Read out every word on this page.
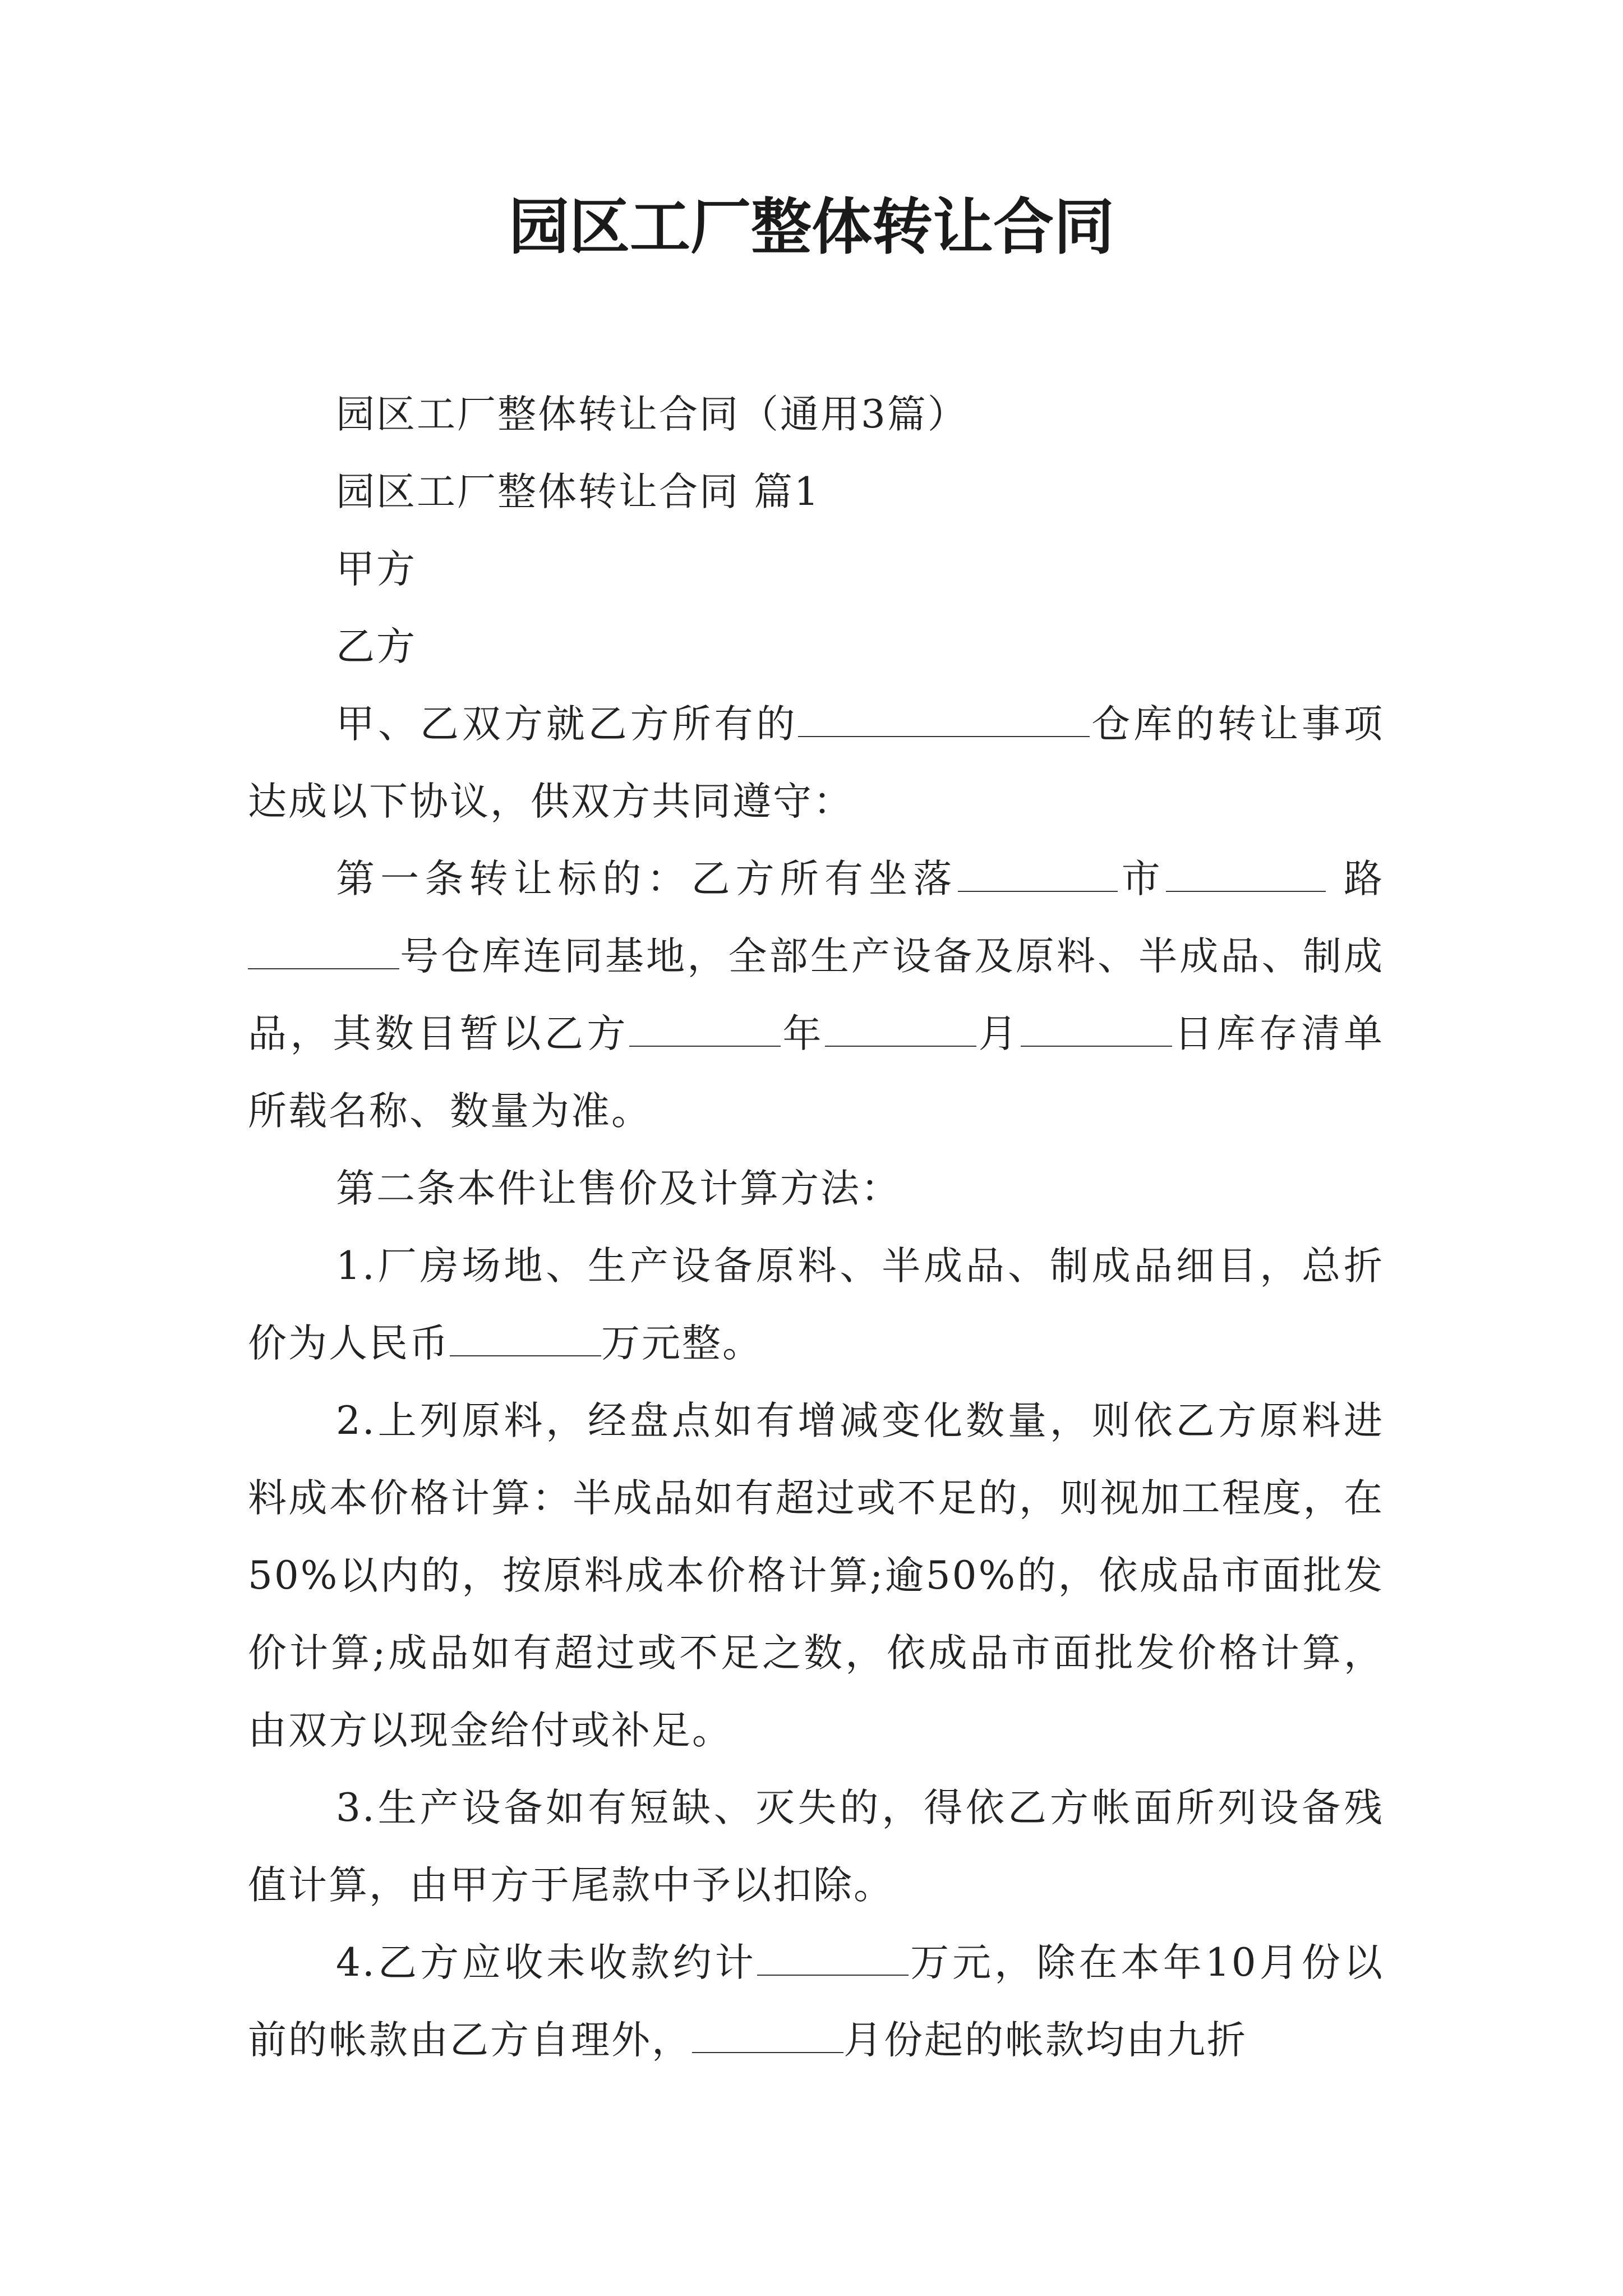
园区工厂整体转让合同

园区工厂整体转让合同（通用3篇）

园区工厂整体转让合同 篇1

甲方

乙方

甲、乙双方就乙方所有的	仓库的转让事项达成以下协议，供双方共同遵守：

第一条转让标的：乙方所有坐落	市	路号仓库连同基地，全部生产设备及原料、半成品、制成品，其数目暂以乙方	年	月	日库存清单所载名称、数量为准。

第二条本件让售价及计算方法：

1.厂房场地、生产设备原料、半成品、制成品细目，总折价为人民币	万元整。

2.上列原料，经盘点如有增减变化数量，则依乙方原料进料成本价格计算：半成品如有超过或不足的，则视加工程度，在50%以内的，按原料成本价格计算;逾50%的，依成品市面批发价计算;成品如有超过或不足之数，依成品市面批发价格计算，由双方以现金给付或补足。

3.生产设备如有短缺、灭失的，得依乙方帐面所列设备残值计算，由甲方于尾款中予以扣除。

4.乙方应收未收款约计	万元，除在本年10月份以前的帐款由乙方自理外，	月份起的帐款均由九折
